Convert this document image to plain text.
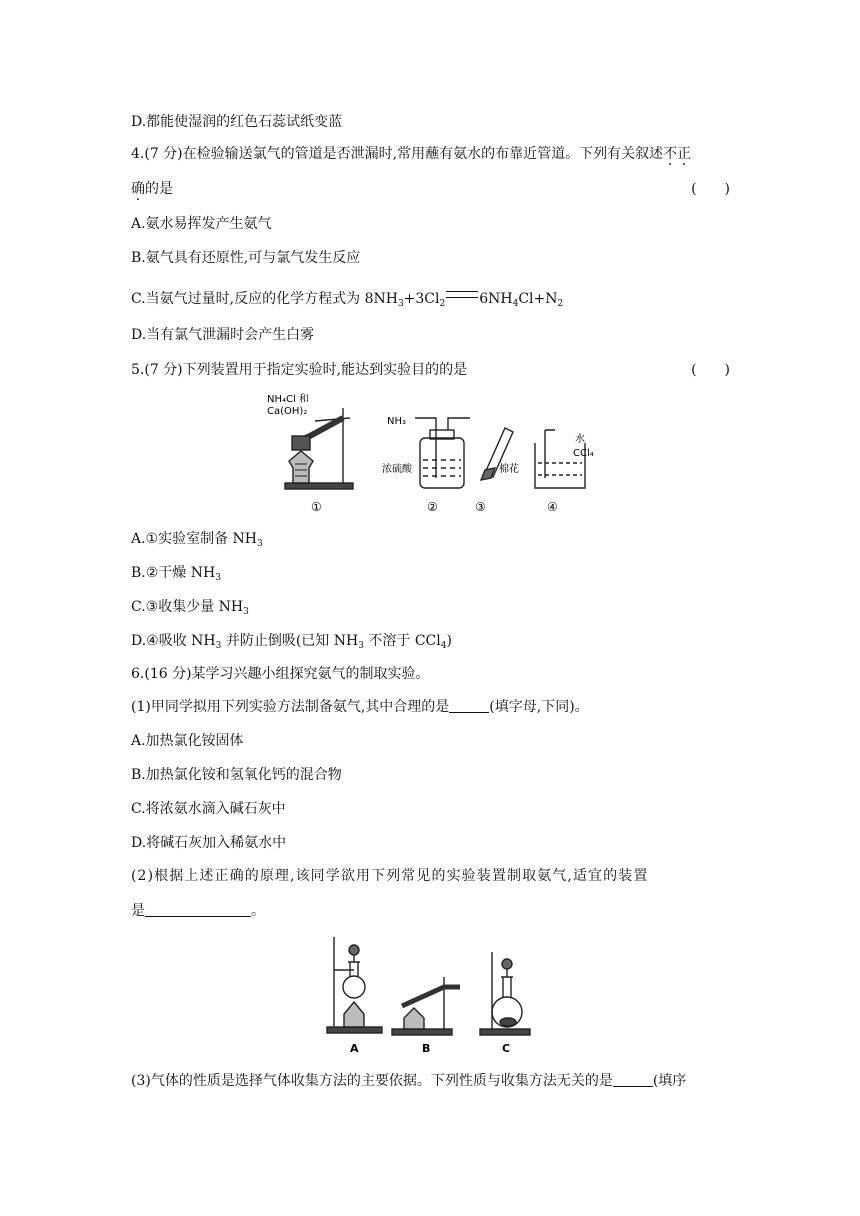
D.都能使湿润的红色石蕊试纸变蓝
4.(7 分)在检验输送氯气的管道是否泄漏时,常用蘸有氨水的布靠近管道。下列有关叙述不正
确的是	(　　)
A.氨水易挥发产生氨气
B.氨气具有还原性,可与氯气发生反应
C.当氨气过量时,反应的化学方程式为 $8NH_3+3Cl_2$ $6NH_4Cl+N_2$
D.当有氯气泄漏时会产生白雾
5.(7 分)下列装置用于指定实验时,能达到实验目的的是	(　　)
NH₄Cl 和
Ca(OH)₂
NH₃
浓硫酸	棉花
水
CCl₄
①	②	③	④
A.①实验室制备 $NH_3$
B.②干燥 $NH_3$
C.③收集少量 $NH_3$
D.④吸收 $NH_3$ 并防止倒吸(已知 $NH_3$ 不溶于 CCl$_4$)
6.(16 分)某学习兴趣小组探究氨气的制取实验。
(1)甲同学拟用下列实验方法制备氨气,其中合理的是	(填字母,下同)。
A.加热氯化铵固体
B.加热氯化铵和氢氧化钙的混合物
C.将浓氨水滴入碱石灰中
D.将碱石灰加入稀氨水中
(2)根据上述正确的原理,该同学欲用下列常见的实验装置制取氨气,适宜的装置
是	。
A	B	C
(3)气体的性质是选择气体收集方法的主要依据。下列性质与收集方法无关的是	(填序
